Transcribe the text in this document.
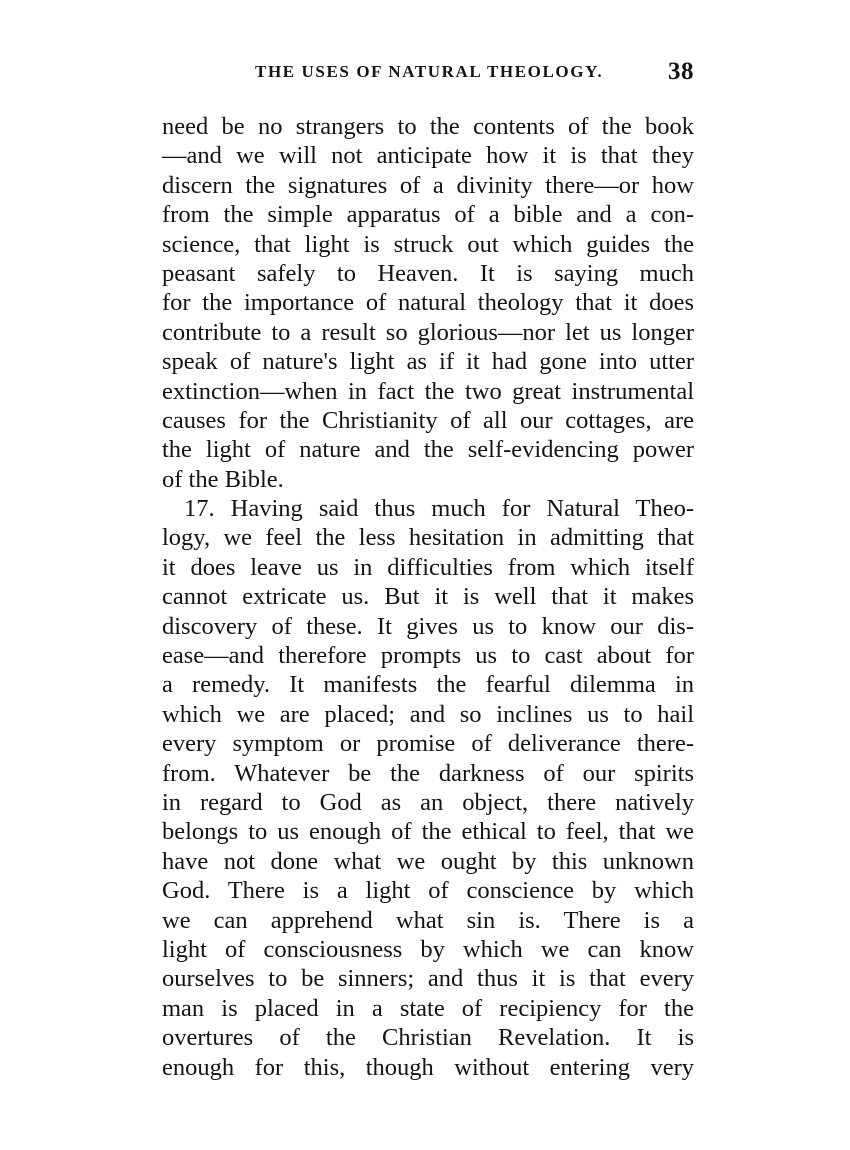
THE USES OF NATURAL THEOLOGY.	38
need be no strangers to the contents of the book
—and we will not anticipate how it is that they
discern the signatures of a divinity there—or how
from the simple apparatus of a bible and a con-
science, that light is struck out which guides the
peasant safely to Heaven. It is saying much
for the importance of natural theology that it does
contribute to a result so glorious—nor let us longer
speak of nature's light as if it had gone into utter
extinction—when in fact the two great instrumental
causes for the Christianity of all our cottages, are
the light of nature and the self-evidencing power
of the Bible.
17. Having said thus much for Natural Theo-
logy, we feel the less hesitation in admitting that
it does leave us in difficulties from which itself
cannot extricate us. But it is well that it makes
discovery of these. It gives us to know our dis-
ease—and therefore prompts us to cast about for
a remedy. It manifests the fearful dilemma in
which we are placed; and so inclines us to hail
every symptom or promise of deliverance there-
from. Whatever be the darkness of our spirits
in regard to God as an object, there natively
belongs to us enough of the ethical to feel, that we
have not done what we ought by this unknown
God. There is a light of conscience by which
we can apprehend what sin is. There is a
light of consciousness by which we can know
ourselves to be sinners; and thus it is that every
man is placed in a state of recipiency for the
overtures of the Christian Revelation. It is
enough for this, though without entering very
